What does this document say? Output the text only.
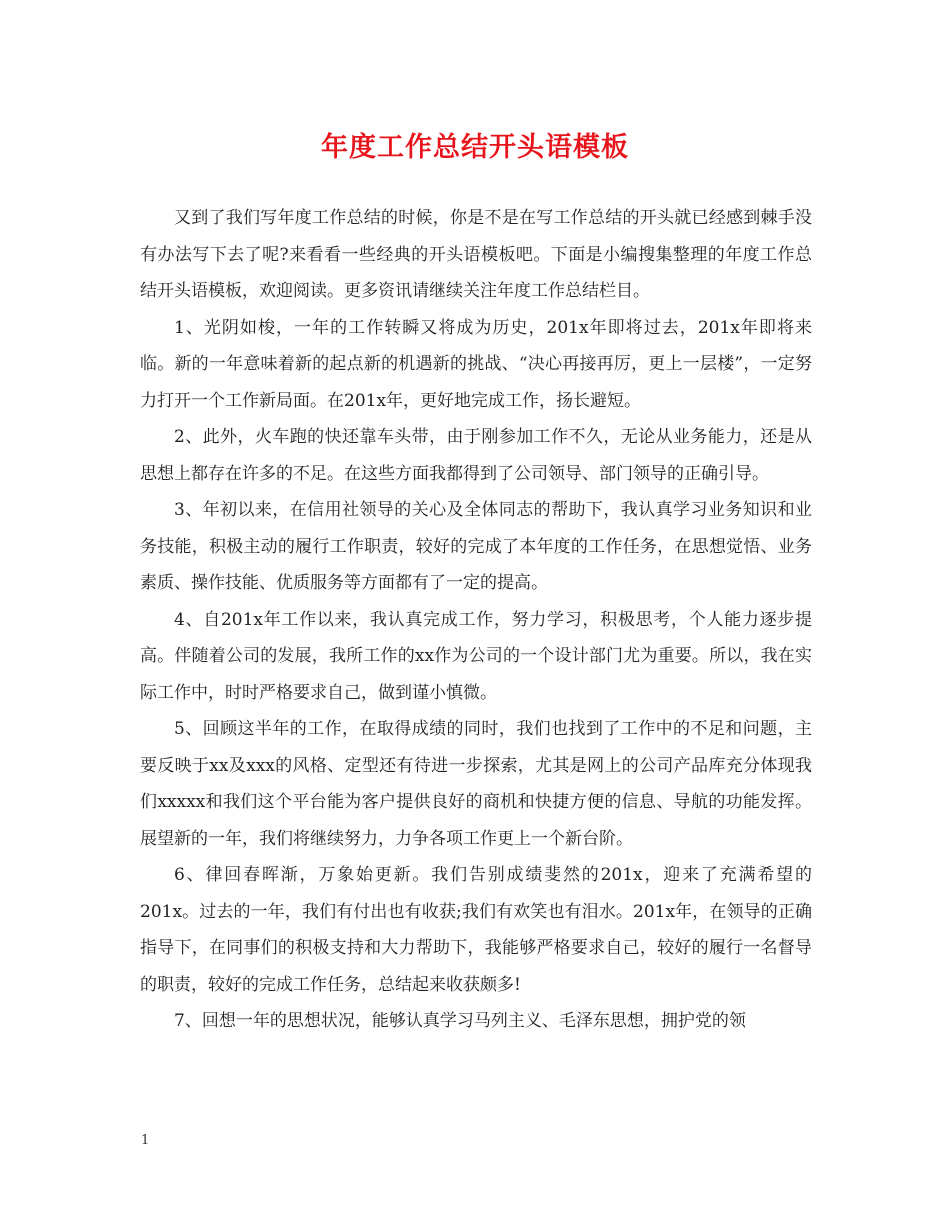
年度工作总结开头语模板

又到了我们写年度工作总结的时候，你是不是在写工作总结的开头就已经感到棘手没有办法写下去了呢?来看看一些经典的开头语模板吧。下面是小编搜集整理的年度工作总结开头语模板，欢迎阅读。更多资讯请继续关注年度工作总结栏目。

1、光阴如梭，一年的工作转瞬又将成为历史，201x年即将过去，201x年即将来临。新的一年意味着新的起点新的机遇新的挑战、“决心再接再厉，更上一层楼”，一定努力打开一个工作新局面。在201x年，更好地完成工作，扬长避短。

2、此外，火车跑的快还靠车头带，由于刚参加工作不久，无论从业务能力，还是从思想上都存在许多的不足。在这些方面我都得到了公司领导、部门领导的正确引导。

3、年初以来，在信用社领导的关心及全体同志的帮助下，我认真学习业务知识和业务技能，积极主动的履行工作职责，较好的完成了本年度的工作任务，在思想觉悟、业务素质、操作技能、优质服务等方面都有了一定的提高。

4、自201x年工作以来，我认真完成工作，努力学习，积极思考，个人能力逐步提高。伴随着公司的发展，我所工作的xx作为公司的一个设计部门尤为重要。所以，我在实际工作中，时时严格要求自己，做到谨小慎微。

5、回顾这半年的工作，在取得成绩的同时，我们也找到了工作中的不足和问题，主要反映于xx及xxx的风格、定型还有待进一步探索，尤其是网上的公司产品库充分体现我们xxxxx和我们这个平台能为客户提供良好的商机和快捷方便的信息、导航的功能发挥。展望新的一年，我们将继续努力，力争各项工作更上一个新台阶。

6、律回春晖渐，万象始更新。我们告别成绩斐然的201x，迎来了充满希望的201x。过去的一年，我们有付出也有收获;我们有欢笑也有泪水。201x年，在领导的正确指导下，在同事们的积极支持和大力帮助下，我能够严格要求自己，较好的履行一名督导的职责，较好的完成工作任务，总结起来收获颇多!

7、回想一年的思想状况，能够认真学习马列主义、毛泽东思想，拥护党的领

1
